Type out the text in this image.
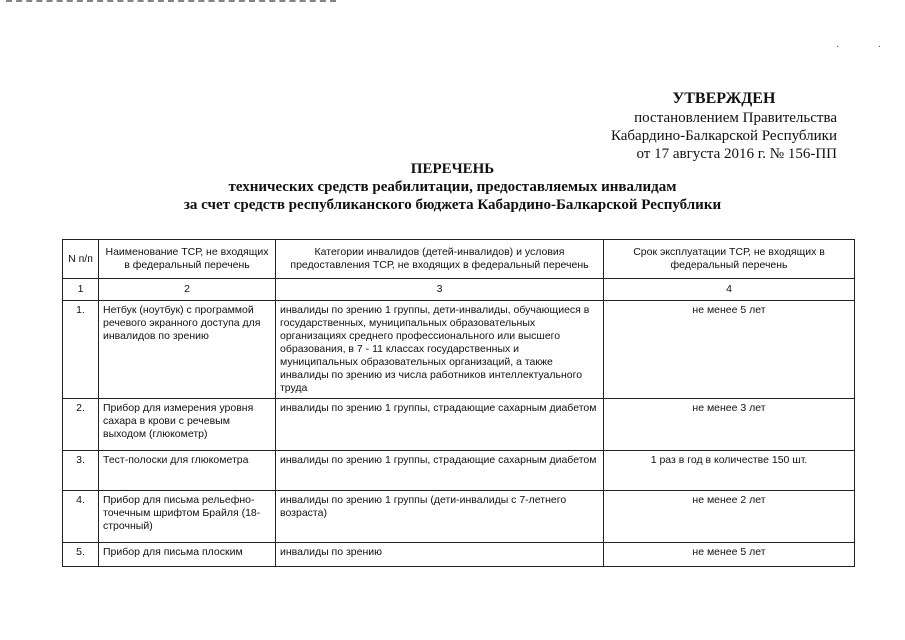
· ·
УТВЕРЖДЕН
постановлением Правительства
Кабардино-Балкарской Республики
от 17 августа 2016 г. № 156-ПП
ПЕРЕЧЕНЬ
технических средств реабилитации, предоставляемых инвалидам
за счет средств республиканского бюджета Кабардино-Балкарской Республики
N п/п	Наименование ТСР, не входящих в федеральный перечень	Категории инвалидов (детей-инвалидов) и условия предоставления ТСР, не входящих в федеральный перечень	Срок эксплуатации ТСР, не входящих в федеральный перечень
1	2	3	4
1.	Нетбук (ноутбук) с программой речевого экранного доступа для инвалидов по зрению	инвалиды по зрению 1 группы, дети-инвалиды, обучающиеся в государственных, муниципальных образовательных организациях среднего профессионального или высшего образования, в 7 - 11 классах государственных и муниципальных образовательных организаций, а также инвалиды по зрению из числа работников интеллектуального труда	не менее 5 лет
2.	Прибор для измерения уровня сахара в крови с речевым выходом (глюкометр)	инвалиды по зрению 1 группы, страдающие сахарным диабетом	не менее 3 лет
3.	Тест-полоски для глюкометра	инвалиды по зрению 1 группы, страдающие сахарным диабетом	1 раз в год в количестве 150 шт.
4.	Прибор для письма рельефно-точечным шрифтом Брайля (18-строчный)	инвалиды по зрению 1 группы (дети-инвалиды с 7-летнего возраста)	не менее 2 лет
5.	Прибор для письма плоским	инвалиды по зрению	не менее 5 лет
